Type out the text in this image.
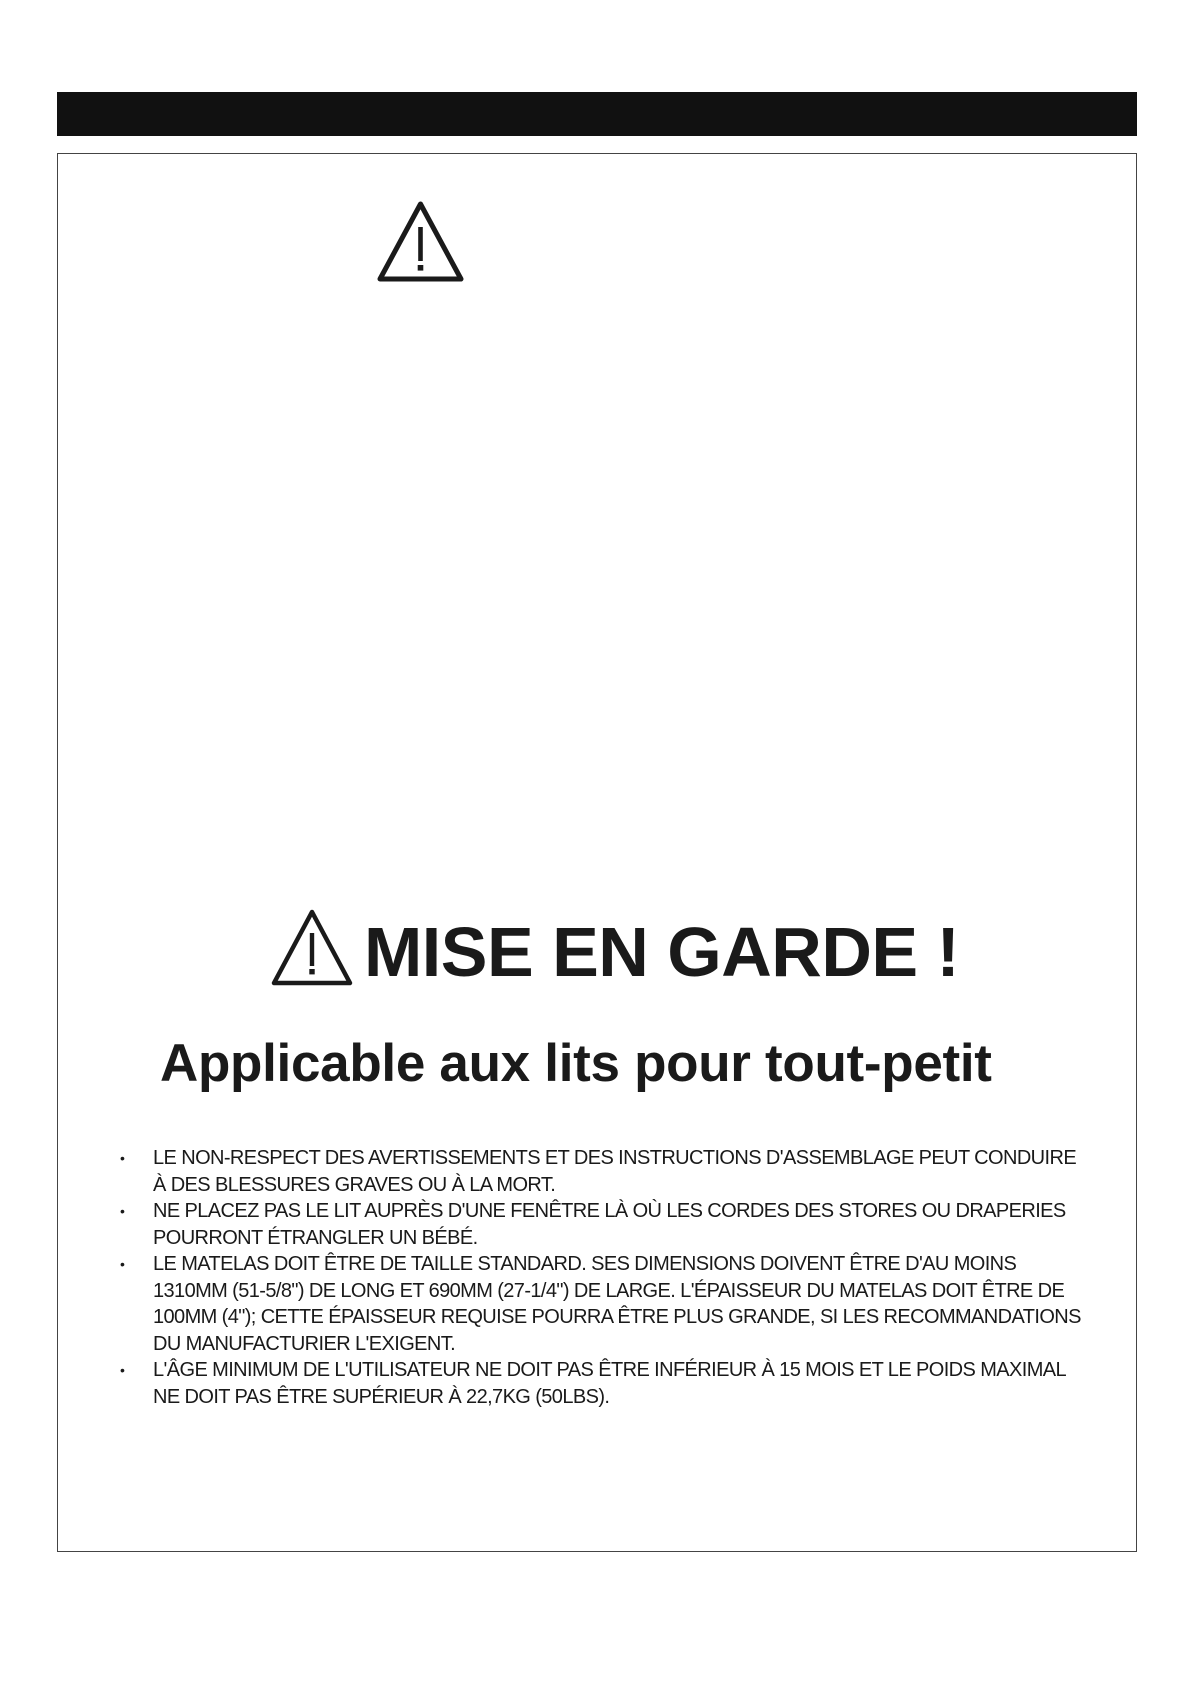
MISE EN GARDE !
Applicable aux lits pour tout-petit
• LE NON-RESPECT DES AVERTISSEMENTS ET DES INSTRUCTIONS D'ASSEMBLAGE PEUT CONDUIRE À DES BLESSURES GRAVES OU À LA MORT.
• NE PLACEZ PAS LE LIT AUPRÈS D'UNE FENÊTRE LÀ OÙ LES CORDES DES STORES OU DRAPERIES POURRONT ÉTRANGLER UN BÉBÉ.
• LE MATELAS DOIT ÊTRE DE TAILLE STANDARD. SES DIMENSIONS DOIVENT ÊTRE D'AU MOINS 1310MM (51-5/8") DE LONG ET 690MM (27-1/4") DE LARGE. L'ÉPAISSEUR DU MATELAS DOIT ÊTRE DE 100MM (4"); CETTE ÉPAISSEUR REQUISE POURRA ÊTRE PLUS GRANDE, SI LES RECOMMANDATIONS DU MANUFACTURIER L'EXIGENT.
• L'ÂGE MINIMUM DE L'UTILISATEUR NE DOIT PAS ÊTRE INFÉRIEUR À 15 MOIS ET LE POIDS MAXIMAL NE DOIT PAS ÊTRE SUPÉRIEUR À 22,7KG (50LBS).
